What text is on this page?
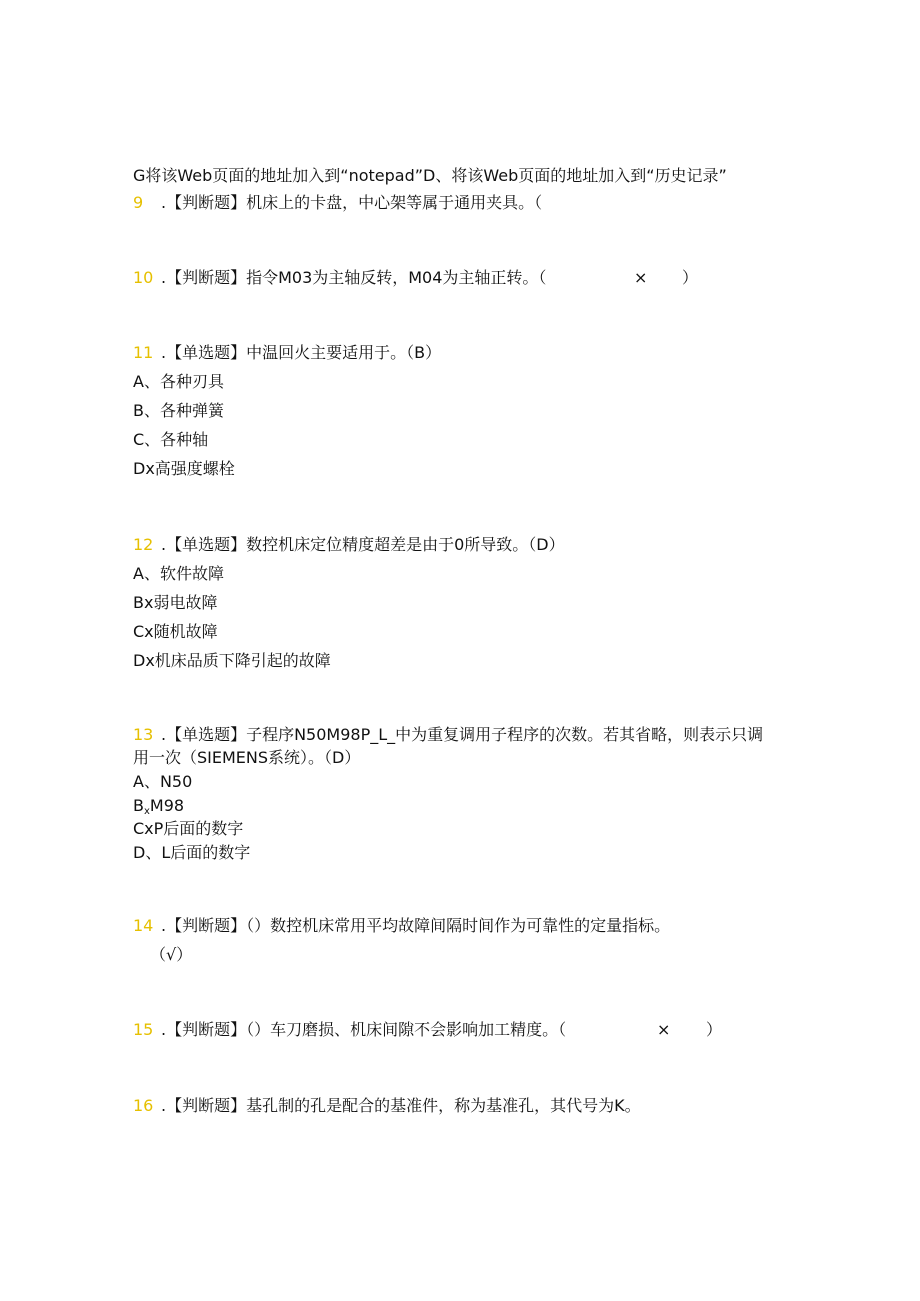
G将该Web页面的地址加入到“notepad”D、将该Web页面的地址加入到“历史记录”
9 .【判断题】机床上的卡盘，中心架等属于通用夹具。（
10 .【判断题】指令M03为主轴反转，M04为主轴正转。（	× ）
11 .【单选题】中温回火主要适用于。（B）
A、各种刃具
B、各种弹簧
C、各种轴
Dx高强度螺栓
12 .【单选题】数控机床定位精度超差是由于0所导致。（D）
A、软件故障
Bx弱电故障
Cx随机故障
Dx机床品质下降引起的故障
13 .【单选题】子程序N50M98P_L_中为重复调用子程序的次数。若其省略，则表示只调
用一次（SIEMENS系统）。（D）
A、N50
$B_xM98$
CxP后面的数字
D、L后面的数字
14 .【判断题】（）数控机床常用平均故障间隔时间作为可靠性的定量指标。
（√）
15 .【判断题】（）车刀磨损、机床间隙不会影响加工精度。（	× ）
16 .【判断题】基孔制的孔是配合的基准件，称为基准孔，其代号为K。
